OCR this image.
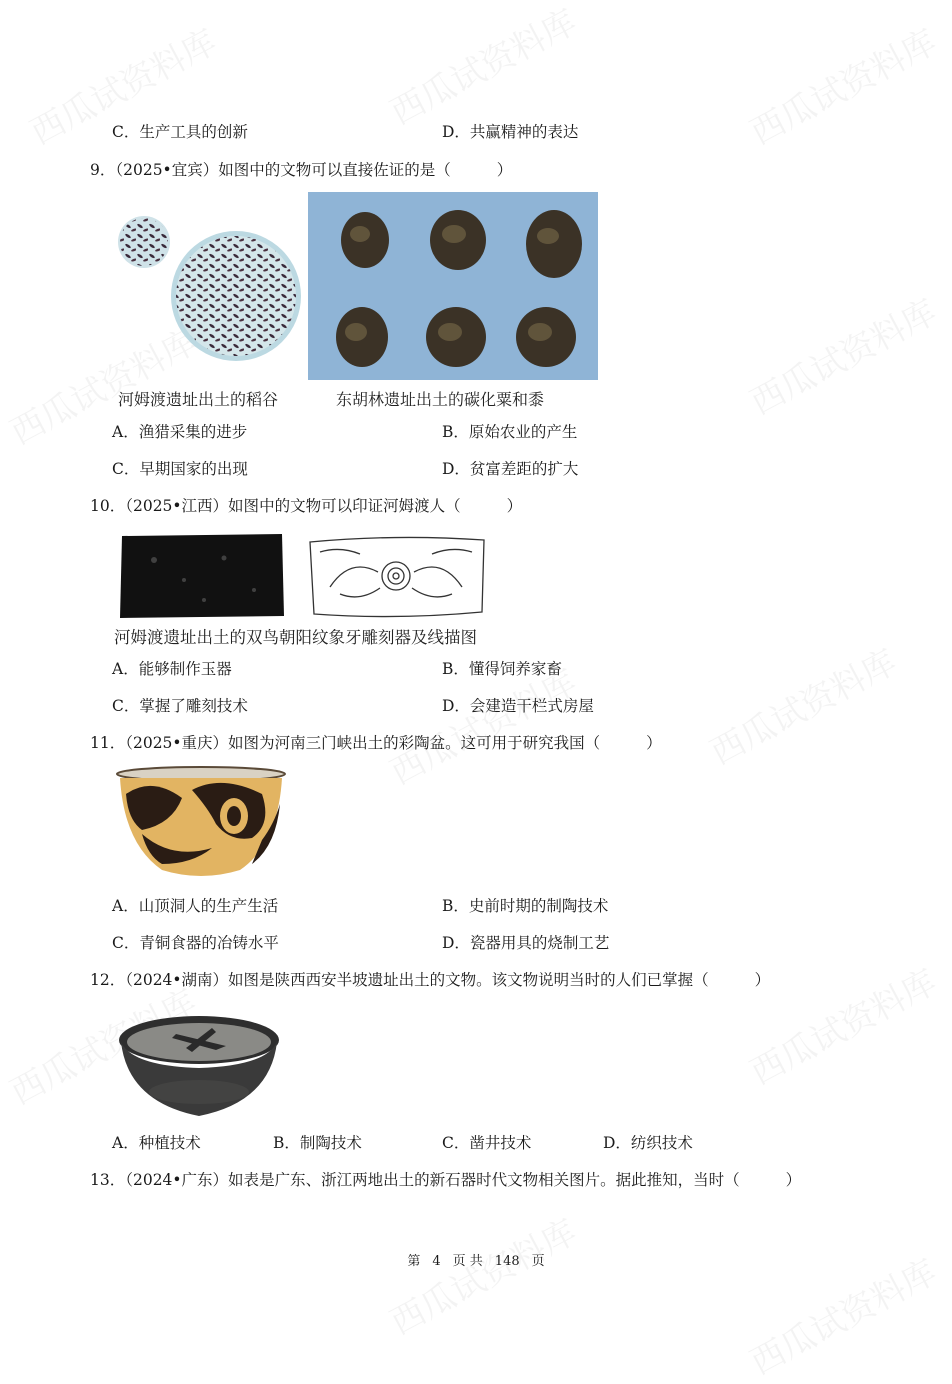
C．生产工具的创新	D．共赢精神的表达
9．（2025•宜宾）如图中的文物可以直接佐证的是（	）
河姆渡遗址出土的稻谷	东胡林遗址出土的碳化粟和黍
A．渔猎采集的进步	B．原始农业的产生
C．早期国家的出现	D．贫富差距的扩大
10．（2025•江西）如图中的文物可以印证河姆渡人（	）
河姆渡遗址出土的双鸟朝阳纹象牙雕刻器及线描图
A．能够制作玉器	B．懂得饲养家畜
C．掌握了雕刻技术	D．会建造干栏式房屋
11．（2025•重庆）如图为河南三门峡出土的彩陶盆。这可用于研究我国（	）
A．山顶洞人的生产生活	B．史前时期的制陶技术
C．青铜食器的冶铸水平	D．瓷器用具的烧制工艺
12．（2024•湖南）如图是陕西西安半坡遗址出土的文物。该文物说明当时的人们已掌握（	）
A．种植技术	B．制陶技术	C．凿井技术	D．纺织技术
13．（2024•广东）如表是广东、浙江两地出土的新石器时代文物相关图片。据此推知，当时（	）
第 4 页 共 148 页
